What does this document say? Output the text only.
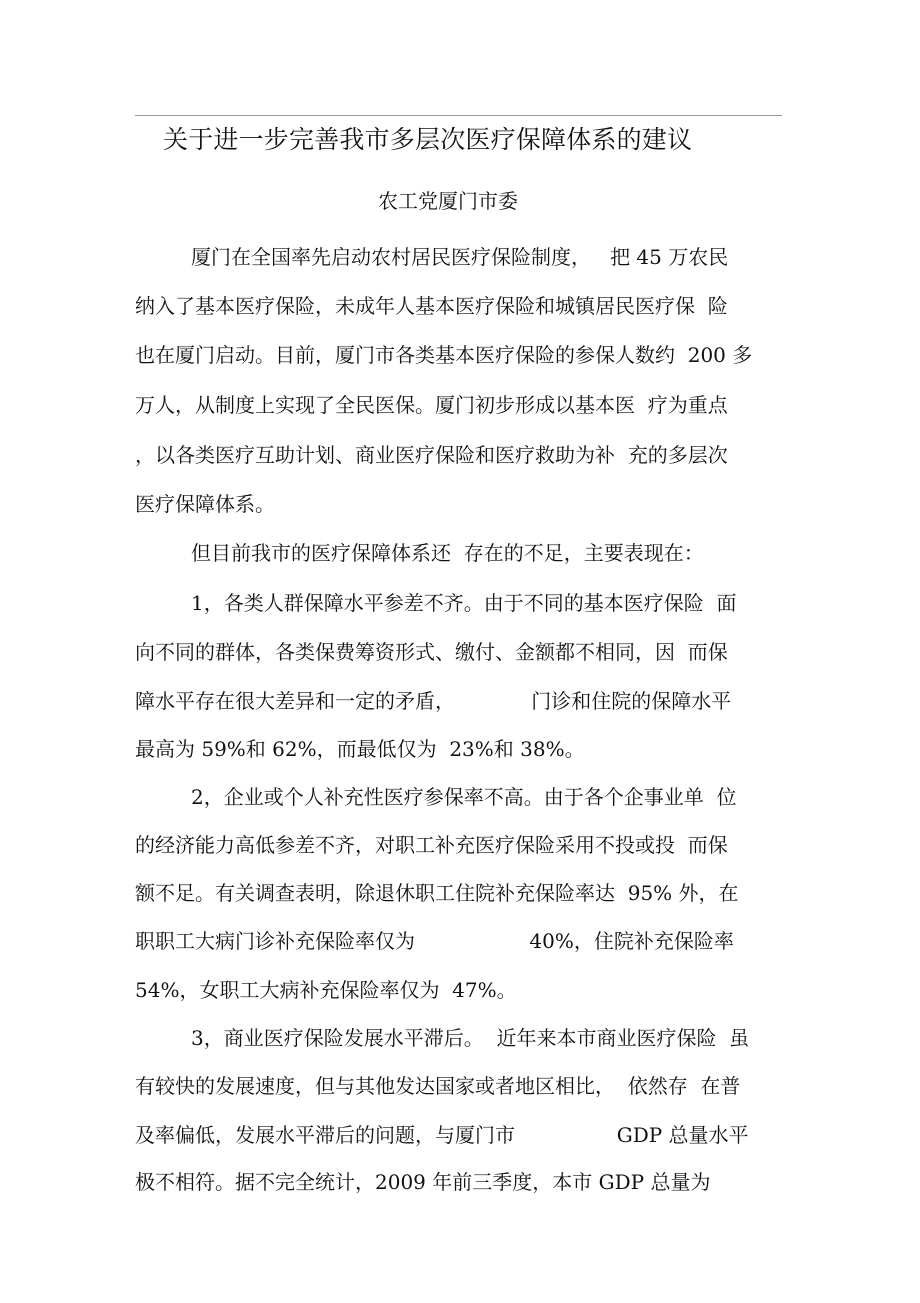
关于进一步完善我市多层次医疗保障体系的建议
农工党厦门市委
厦门在全国率先启动农村居民医疗保险制度，   把 45 万农民
纳入了基本医疗保险，未成年人基本医疗保险和城镇居民医疗保  险
也在厦门启动。目前，厦门市各类基本医疗保险的参保人数约  200 多
万人，从制度上实现了全民医保。厦门初步形成以基本医  疗为重点
，以各类医疗互助计划、商业医疗保险和医疗救助为补  充的多层次
医疗保障体系。
但目前我市的医疗保障体系还  存在的不足，主要表现在：
1，各类人群保障水平参差不齐。由于不同的基本医疗保险  面
向不同的群体，各类保费筹资形式、缴付、金额都不相同，因  而保
障水平存在很大差异和一定的矛盾，            门诊和住院的保障水平
最高为 59%和 62%，而最低仅为  23%和 38%。
2，企业或个人补充性医疗参保率不高。由于各个企事业单  位
的经济能力高低参差不齐，对职工补充医疗保险采用不投或投  而保
额不足。有关调查表明，除退休职工住院补充保险率达  95% 外，在
职职工大病门诊补充保险率仅为                  40%，住院补充保险率
54%，女职工大病补充保险率仅为  47%。
3，商业医疗保险发展水平滞后。  近年来本市商业医疗保险  虽
有较快的发展速度，但与其他发达国家或者地区相比，  依然存  在普
及率偏低，发展水平滞后的问题，与厦门市                GDP 总量水平
极不相符。据不完全统计，2009 年前三季度，本市 GDP 总量为
